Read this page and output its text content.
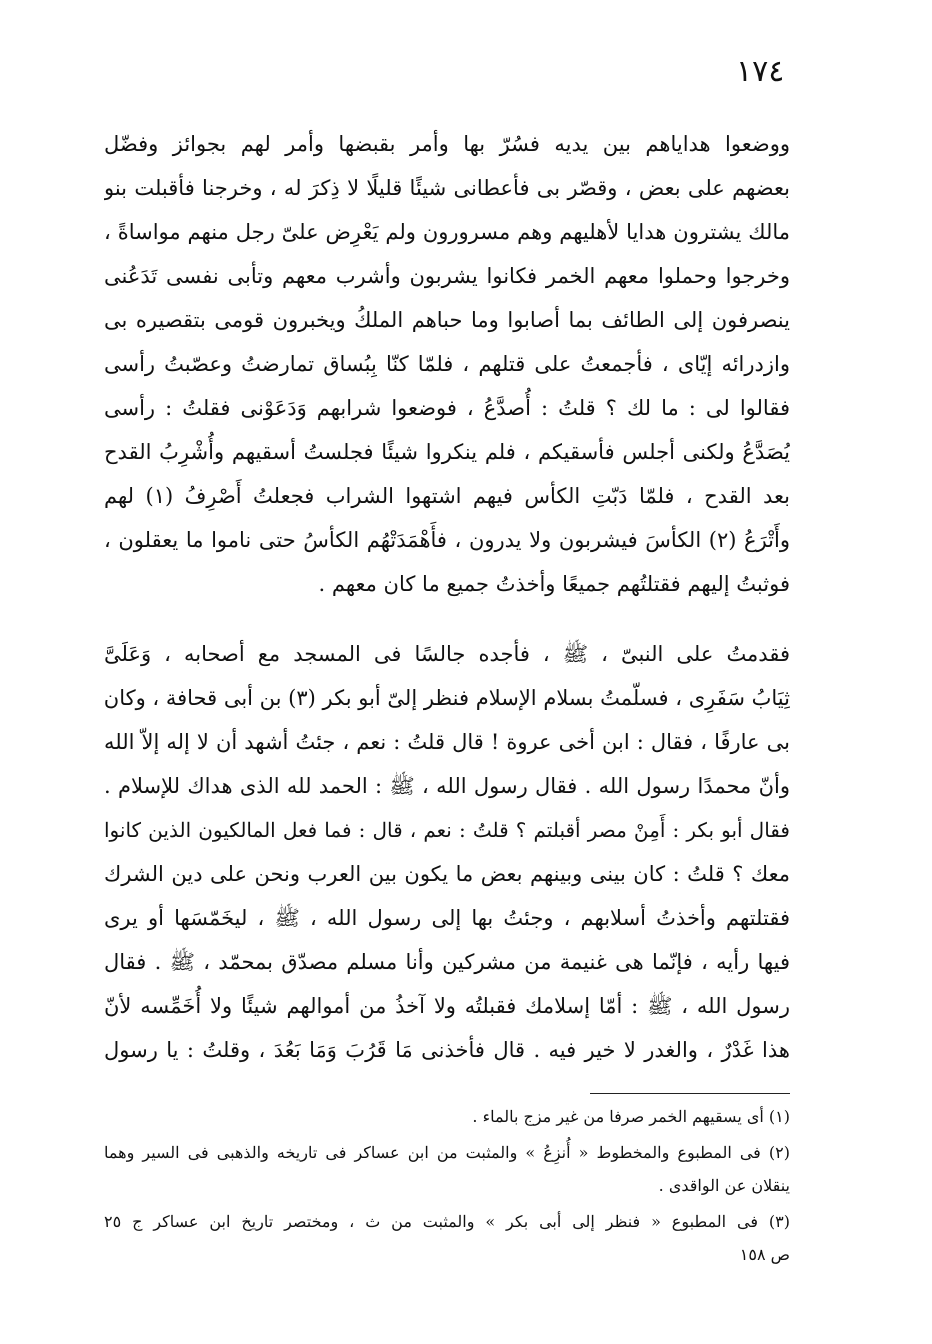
١٧٤

ووضعوا هداياهم بين يديه فسُرّ بها وأمر بقبضها وأمر لهم بجوائز وفضّل

بعضهم على بعض ، وقصّر بى فأعطانى شيئًا قليلًا لا ذِكرَ له ، وخرجنا فأقبلت بنو

مالك يشترون هدايا لأهليهم وهم مسرورون ولم يَعْرِض علىّ رجل منهم مواساةً ،

وخرجوا وحملوا معهم الخمر فكانوا يشربون وأشرب معهم وتأبى نفسى تَدَعُنى

ينصرفون إلى الطائف بما أصابوا وما حباهم الملكُ ويخبرون قومى بتقصيره بى

وازدرائه إيّاى ، فأجمعتُ على قتلهم ، فلمّا كنّا بِبُساق تمارضتُ وعصّبتُ رأسى

فقالوا لى : ما لك ؟ قلتُ : أُصدَّعُ ، فوضعوا شرابهم وَدَعَوْنى فقلتُ : رأسى

يُصَدَّعُ ولكنى أجلس فأسقيكم ، فلم ينكروا شيئًا فجلستُ أسقيهم وأُشْرِبُ القدح

بعد القدح ، فلمّا دَبّتِ الكأس فيهم اشتهوا الشراب فجعلتُ أَصْرِفُ (١) لهم

وأَتْرَعُ (٢) الكأسَ فيشربون ولا يدرون ، فأَهْمَدَتْهُم الكأسُ حتى ناموا ما يعقلون ،

فوثبتُ إليهم فقتلتُهم جميعًا وأخذتُ جميع ما كان معهم .

فقدمتُ على النبىّ ، ﷺ ، فأجده جالسًا فى المسجد مع أصحابه ، وَعَلَىَّ

ثِيَابُ سَفَرِى ، فسلّمتُ بسلام الإسلام فنظر إلىّ أبو بكر (٣) بن أبى قحافة ، وكان

بى عارفًا ، فقال : ابن أخى عروة ! قال قلتُ : نعم ، جئتُ أشهد أن لا إله إلاّ الله

وأنّ محمدًا رسول الله . فقال رسول الله ، ﷺ : الحمد لله الذى هداك للإسلام .

فقال أبو بكر : أَمِنْ مصر أقبلتم ؟ قلتُ : نعم ، قال : فما فعل المالكيون الذين كانوا

معك ؟ قلتُ : كان بينى وبينهم بعض ما يكون بين العرب ونحن على دين الشرك

فقتلتهم وأخذتُ أسلابهم ، وجئتُ بها إلى رسول الله ، ﷺ ، ليخَمّسَها أو يرى

فيها رأيه ، فإنّما هى غنيمة من مشركين وأنا مسلم مصدّق بمحمّد ، ﷺ . فقال

رسول الله ، ﷺ : أمّا إسلامك فقبلتُه ولا آخذُ من أموالهم شيئًا ولا أُخَمِّسه لأنّ

هذا غَدْرٌ ، والغدر لا خير فيه . قال فأخذنى مَا قَرُبَ وَمَا بَعُدَ ، وقلتُ : يا رسول

(١) أى يسقيهم الخمر صرفا من غير مزج بالماء .

(٢) فى المطبوع والمخطوط « أُنزِعُ » والمثبت من ابن عساكر فى تاريخه والذهبى فى السير وهما

ينقلان عن الواقدى .

(٣) فى المطبوع « فنظر إلى أبى بكر » والمثبت من ث ، ومختصر تاريخ ابن عساكر ج ٢٥

ص ١٥٨
